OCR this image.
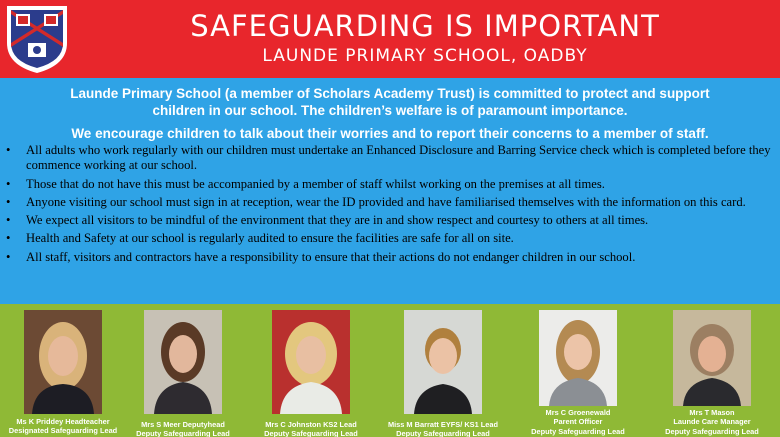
SAFEGUARDING IS IMPORTANT
LAUNDE PRIMARY SCHOOL, OADBY
Launde Primary School (a member of Scholars Academy Trust) is committed to protect and support
children in our school. The children’s welfare is of paramount importance.
We encourage children to talk about their worries and to report their concerns to a member of staff.
• All adults who work regularly with our children must undertake an Enhanced Disclosure and Barring Service check which is completed before they commence working at our school.
• Those that do not have this must be accompanied by a member of staff whilst working on the premises at all times.
• Anyone visiting our school must sign in at reception, wear the ID provided and have familiarised themselves with the information on this card.
• We expect all visitors to be mindful of the environment that they are in and show respect and courtesy to others at all times.
• Health and Safety at our school is regularly audited to ensure the facilities are safe for all on site.
• All staff, visitors and contractors have a responsibility to ensure that their actions do not endanger children in our school.
Ms K Priddey Headteacher
Designated Safeguarding Lead
Mrs S Meer Deputyhead
Deputy Safeguarding Lead
Mrs C Johnston KS2 Lead
Deputy Safeguarding Lead
Miss M Barratt EYFS/ KS1 Lead
Deputy Safeguarding Lead
Mrs C Groenewald
Parent Officer
Deputy Safeguarding Lead
Mrs T Mason
Launde Care Manager
Deputy Safeguarding Lead
